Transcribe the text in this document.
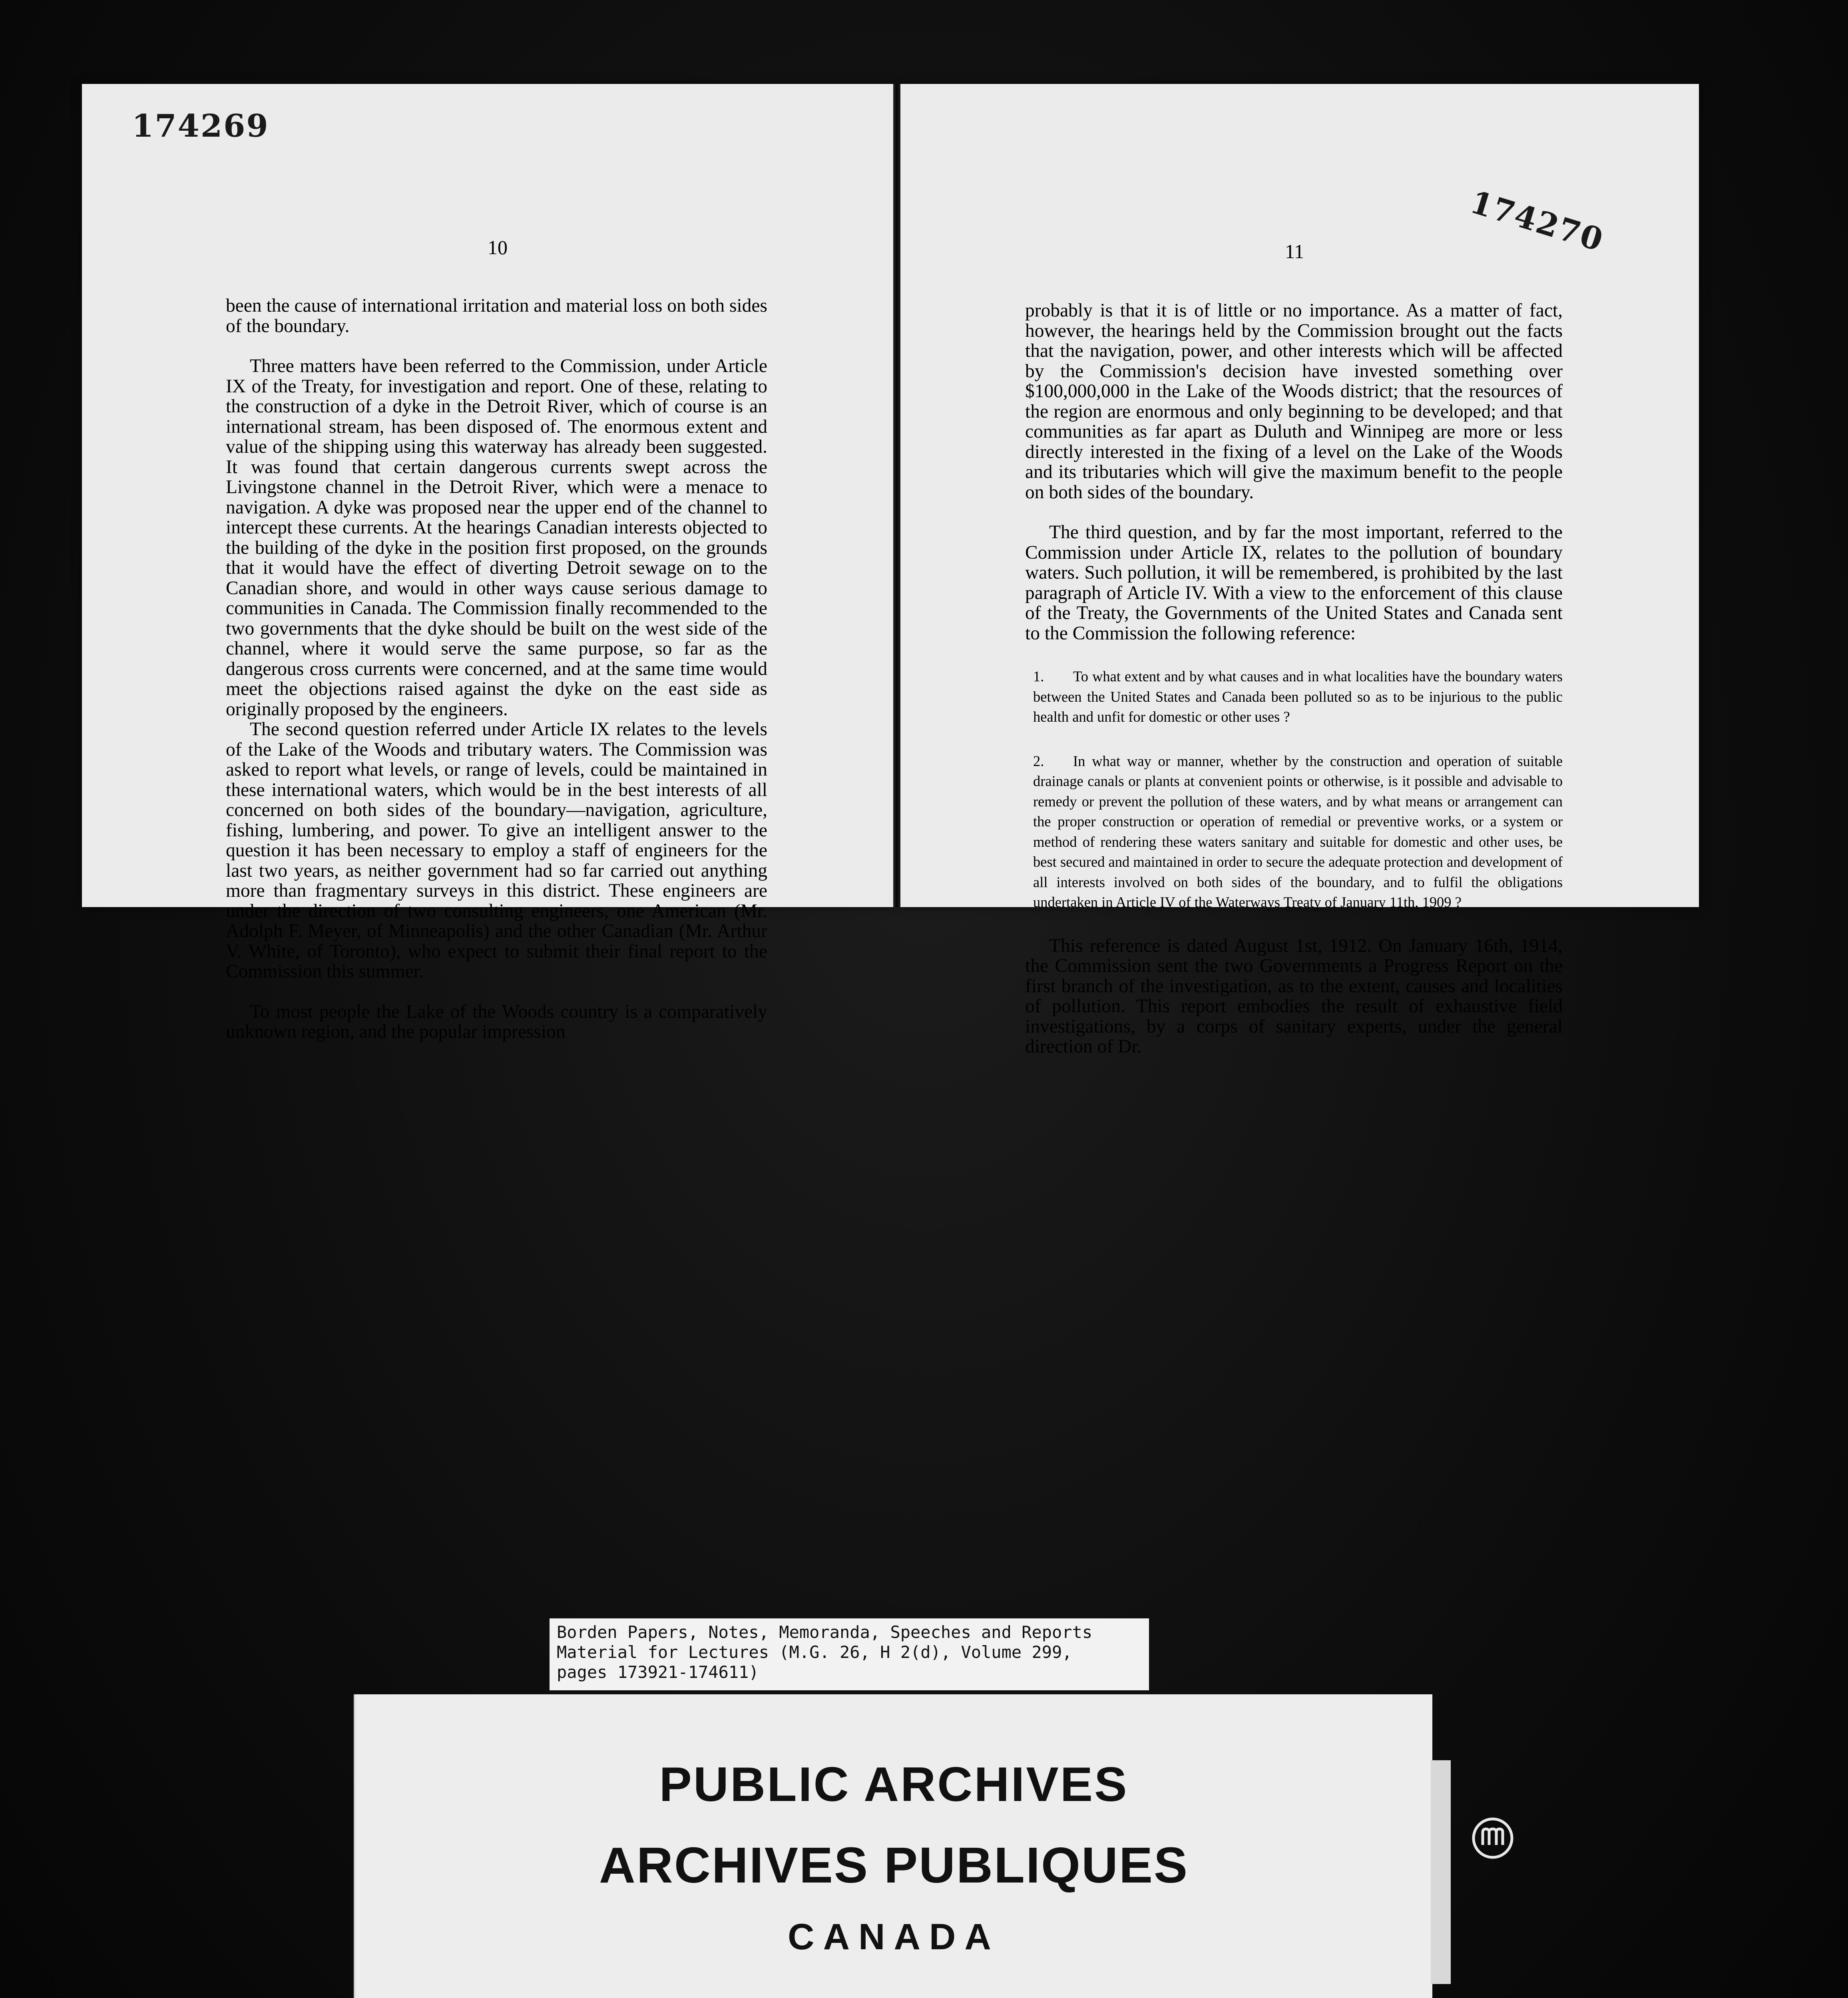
174269
10

been the cause of international irritation and material loss on both sides of the boundary.

Three matters have been referred to the Commission, under Article IX of the Treaty, for investigation and report. One of these, relating to the construction of a dyke in the Detroit River, which of course is an international stream, has been disposed of. The enormous extent and value of the shipping using this waterway has already been suggested. It was found that certain dangerous currents swept across the Livingstone channel in the Detroit River, which were a menace to navigation. A dyke was proposed near the upper end of the channel to intercept these currents. At the hearings Canadian interests objected to the building of the dyke in the position first proposed, on the grounds that it would have the effect of diverting Detroit sewage on to the Canadian shore, and would in other ways cause serious damage to communities in Canada. The Commission finally recommended to the two governments that the dyke should be built on the west side of the channel, where it would serve the same purpose, so far as the dangerous cross currents were concerned, and at the same time would meet the objections raised against the dyke on the east side as originally proposed by the engineers.

The second question referred under Article IX relates to the levels of the Lake of the Woods and tributary waters. The Commission was asked to report what levels, or range of levels, could be maintained in these international waters, which would be in the best interests of all concerned on both sides of the boundary—navigation, agriculture, fishing, lumbering, and power. To give an intelligent answer to the question it has been necessary to employ a staff of engineers for the last two years, as neither government had so far carried out anything more than fragmentary surveys in this district. These engineers are under the direction of two consulting engineers, one American (Mr. Adolph F. Meyer, of Minneapolis) and the other Canadian (Mr. Arthur V. White, of Toronto), who expect to submit their final report to the Commission this summer.

To most people the Lake of the Woods country is a comparatively unknown region, and the popular impression

174270
11

probably is that it is of little or no importance. As a matter of fact, however, the hearings held by the Commission brought out the facts that the navigation, power, and other interests which will be affected by the Commission's decision have invested something over $100,000,000 in the Lake of the Woods district; that the resources of the region are enormous and only beginning to be developed; and that communities as far apart as Duluth and Winnipeg are more or less directly interested in the fixing of a level on the Lake of the Woods and its tributaries which will give the maximum benefit to the people on both sides of the boundary.

The third question, and by far the most important, referred to the Commission under Article IX, relates to the pollution of boundary waters. Such pollution, it will be remembered, is prohibited by the last paragraph of Article IV. With a view to the enforcement of this clause of the Treaty, the Governments of the United States and Canada sent to the Commission the following reference:

1. To what extent and by what causes and in what localities have the boundary waters between the United States and Canada been polluted so as to be injurious to the public health and unfit for domestic or other uses ?

2. In what way or manner, whether by the construction and operation of suitable drainage canals or plants at convenient points or otherwise, is it possible and advisable to remedy or prevent the pollution of these waters, and by what means or arrangement can the proper construction or operation of remedial or preventive works, or a system or method of rendering these waters sanitary and suitable for domestic and other uses, be best secured and maintained in order to secure the adequate protection and development of all interests involved on both sides of the boundary, and to fulfil the obligations undertaken in Article IV of the Waterways Treaty of January 11th, 1909 ?

This reference is dated August 1st, 1912. On January 16th, 1914, the Commission sent the two Governments a Progress Report on the first branch of the investigation, as to the extent, causes and localities of pollution. This report embodies the result of exhaustive field investigations, by a corps of sanitary experts, under the general direction of Dr.

Borden Papers, Notes, Memoranda, Speeches and Reports
Material for Lectures (M.G. 26, H 2(d), Volume 299,
pages 173921-174611)
PUBLIC ARCHIVES
ARCHIVES PUBLIQUES
CANADA
